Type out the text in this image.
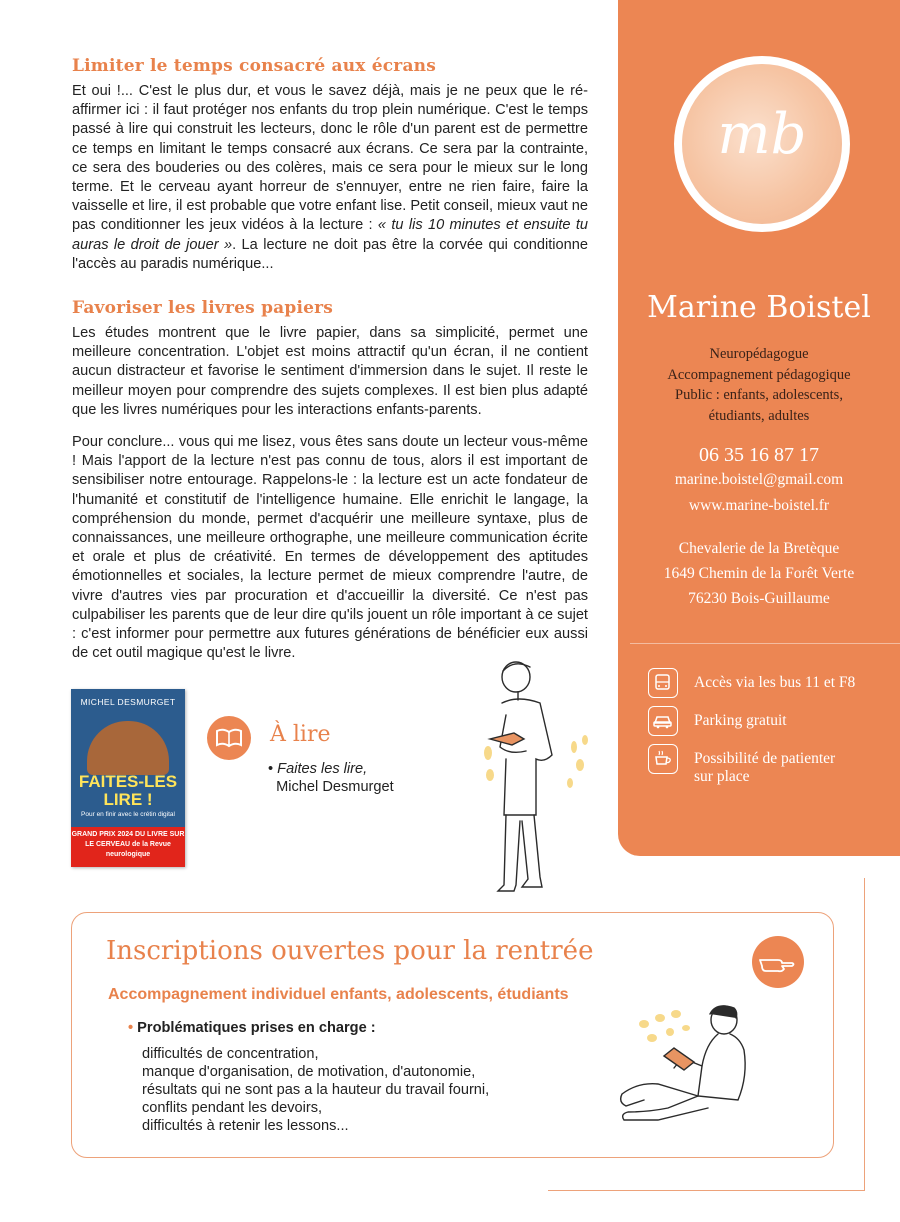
Limiter le temps consacré aux écrans

Et oui !... C'est le plus dur, et vous le savez déjà, mais je ne peux que le ré-affirmer ici : il faut protéger nos enfants du trop plein numérique. C'est le temps passé à lire qui construit les lecteurs, donc le rôle d'un parent est de permettre ce temps en limitant le temps consacré aux écrans. Ce sera par la contrainte, ce sera des bouderies ou des colères, mais ce sera pour le mieux sur le long terme. Et le cerveau ayant horreur de s'ennuyer, entre ne rien faire, faire la vaisselle et lire, il est probable que votre enfant lise. Petit conseil, mieux vaut ne pas conditionner les jeux vidéos à la lecture : « tu lis 10 minutes et ensuite tu auras le droit de jouer ». La lecture ne doit pas être la corvée qui conditionne l'accès au paradis numérique...

Favoriser les livres papiers

Les études montrent que le livre papier, dans sa simplicité, permet une meilleure concentration. L'objet est moins attractif qu'un écran, il ne contient aucun distracteur et favorise le sentiment d'immersion dans le sujet. Il reste le meilleur moyen pour comprendre des sujets complexes. Il est bien plus adapté que les livres numériques pour les interactions enfants-parents.

Pour conclure... vous qui me lisez, vous êtes sans doute un lecteur vous-même ! Mais l'apport de la lecture n'est pas connu de tous, alors il est important de sensibiliser notre entourage. Rappelons-le : la lecture est un acte fondateur de l'humanité et constitutif de l'intelligence humaine. Elle enrichit le langage, la compréhension du monde, permet d'acquérir une meilleure syntaxe, plus de connaissances, une meilleure orthographe, une meilleure communication écrite et orale et plus de créativité. En termes de développement des aptitudes émotionnelles et sociales, la lecture permet de mieux comprendre l'autre, de vivre d'autres vies par procuration et d'accueillir la diversité. Ce n'est pas culpabiliser les parents que de leur dire qu'ils jouent un rôle important à ce sujet : c'est informer pour permettre aux futures générations de bénéficier eux aussi de cet outil magique qu'est le livre.

MICHEL DESMURGET
FAITES-LES
LIRE !
Pour en finir avec le crétin digital
GRAND PRIX 2024 DU LIVRE SUR LE CERVEAU de la Revue neurologique
À lire
• Faites les lire,
Michel Desmurget
mb
Marine Boistel
Neuropédagogue
Accompagnement pédagogique
Public : enfants, adolescents,
étudiants, adultes
06 35 16 87 17
marine.boistel@gmail.com
www.marine-boistel.fr
Chevalerie de la Bretèque
1649 Chemin de la Forêt Verte
76230 Bois-Guillaume
Accès via les bus 11 et F8
Parking gratuit
Possibilité de patienter
sur place
Inscriptions ouvertes pour la rentrée
Accompagnement individuel enfants, adolescents, étudiants
• Problématiques prises en charge :
difficultés de concentration,
manque d'organisation, de motivation, d'autonomie,
résultats qui ne sont pas a la hauteur du travail fourni,
conflits pendant les devoirs,
difficultés à retenir les lessons...
